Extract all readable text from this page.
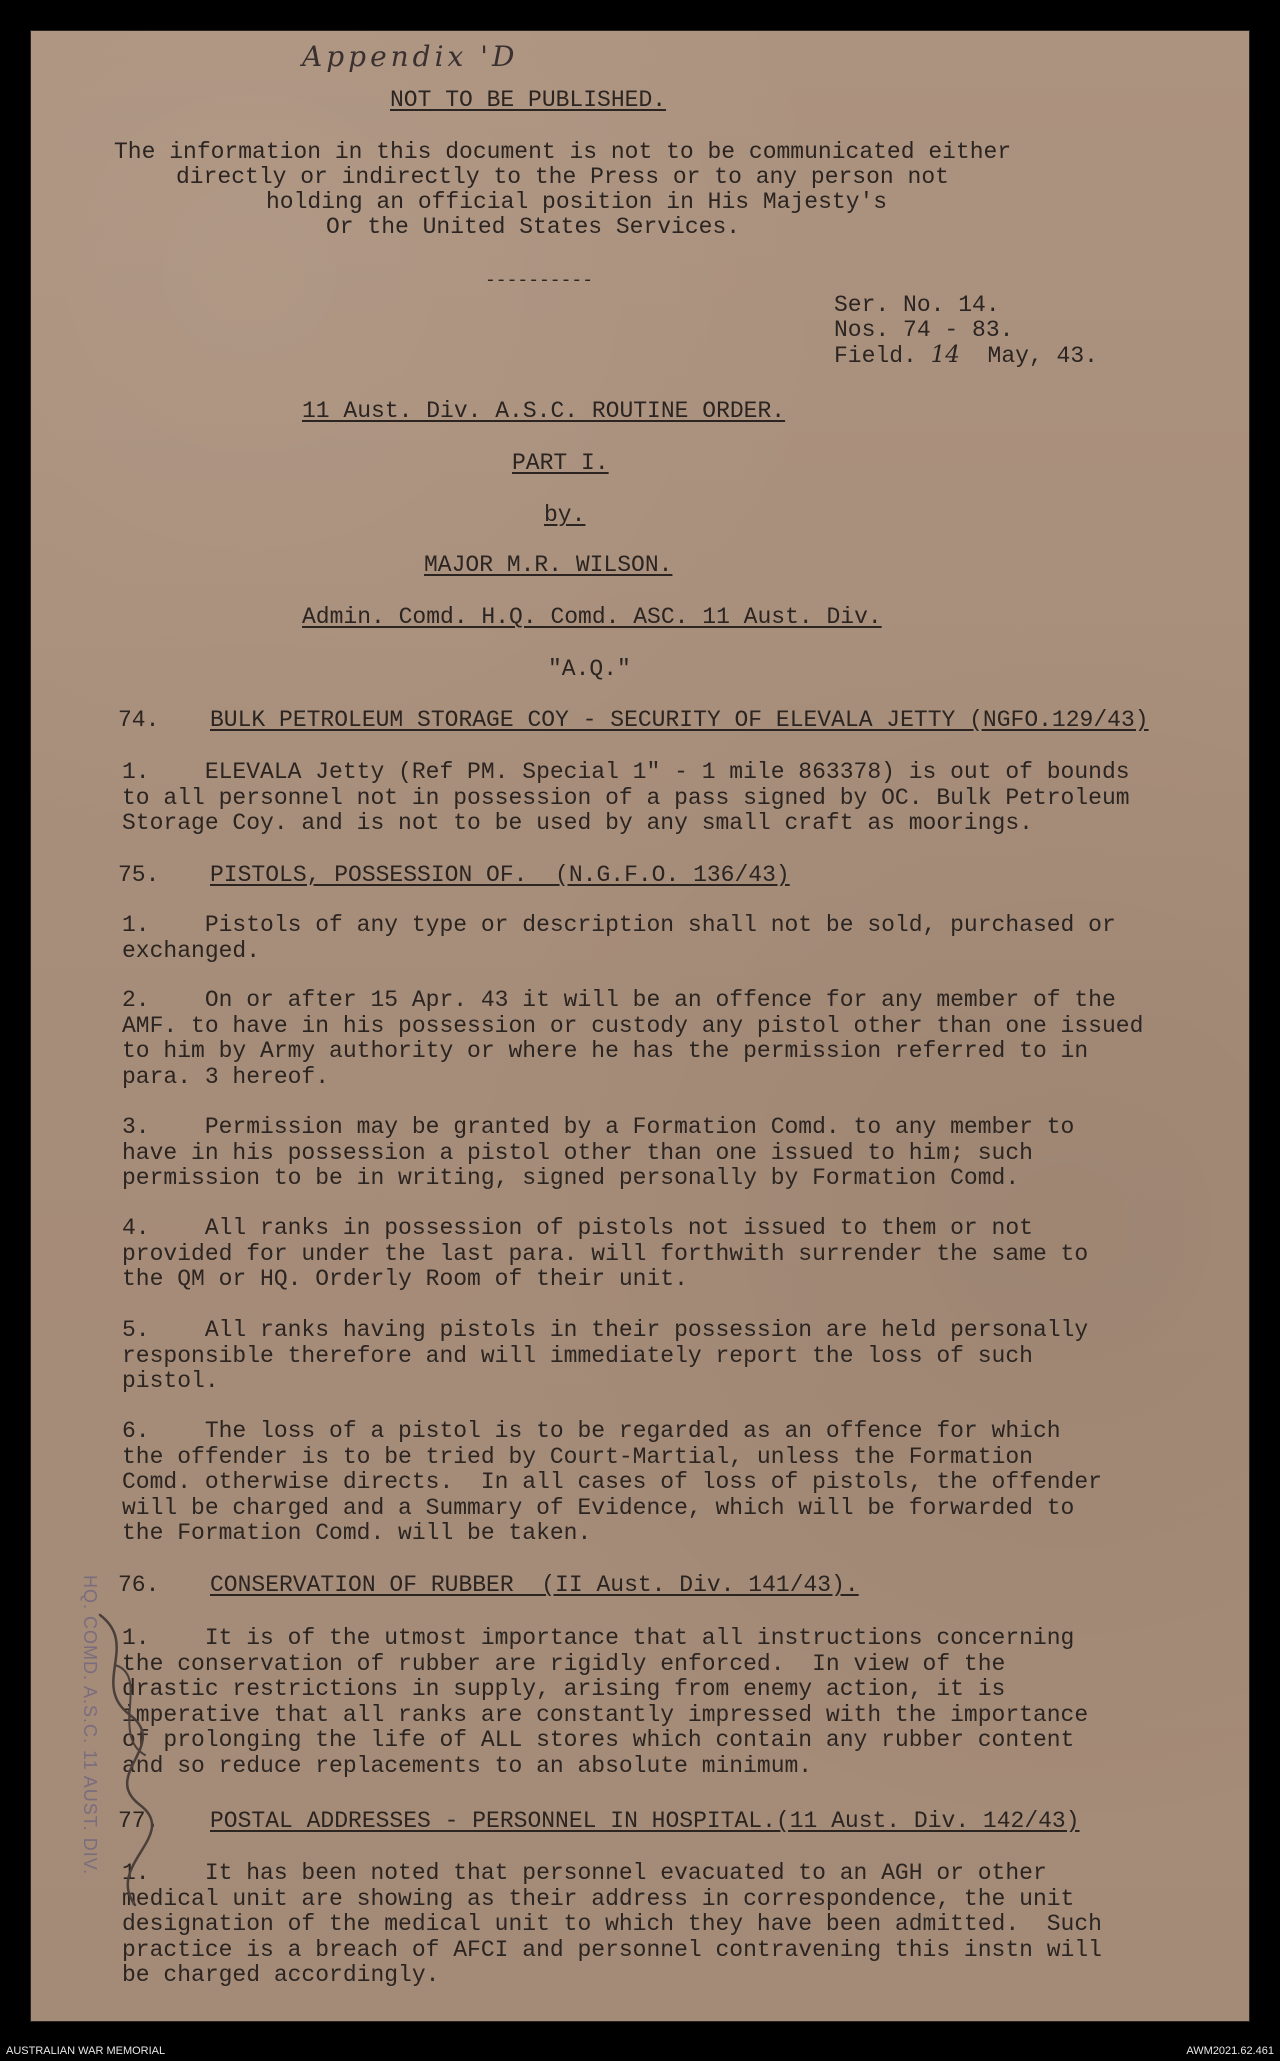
Appendix 'D
NOT TO BE PUBLISHED.
The information in this document is not to be communicated either
directly or indirectly to the Press or to any person not
holding an official position in His Majesty's
Or the United States Services.
----------
Ser. No. 14.
Nos. 74 - 83.
Field. 14 May, 43.
11 Aust. Div. A.S.C. ROUTINE ORDER.
PART I.
by.
MAJOR M.R. WILSON.
Admin. Comd. H.Q. Comd. ASC. 11 Aust. Div.
"A.Q."
74. BULK PETROLEUM STORAGE COY - SECURITY OF ELEVALA JETTY (NGFO.129/43)
1.    ELEVALA Jetty (Ref PM. Special 1" - 1 mile 863378) is out of bounds
to all personnel not in possession of a pass signed by OC. Bulk Petroleum
Storage Coy. and is not to be used by any small craft as moorings.
75. PISTOLS, POSSESSION OF.  (N.G.F.O. 136/43)
1.    Pistols of any type or description shall not be sold, purchased or
exchanged.
2.    On or after 15 Apr. 43 it will be an offence for any member of the
AMF. to have in his possession or custody any pistol other than one issued
to him by Army authority or where he has the permission referred to in
para. 3 hereof.
3.    Permission may be granted by a Formation Comd. to any member to
have in his possession a pistol other than one issued to him; such
permission to be in writing, signed personally by Formation Comd.
4.    All ranks in possession of pistols not issued to them or not
provided for under the last para. will forthwith surrender the same to
the QM or HQ. Orderly Room of their unit.
5.    All ranks having pistols in their possession are held personally
responsible therefore and will immediately report the loss of such
pistol.
6.    The loss of a pistol is to be regarded as an offence for which
the offender is to be tried by Court-Martial, unless the Formation
Comd. otherwise directs.  In all cases of loss of pistols, the offender
will be charged and a Summary of Evidence, which will be forwarded to
the Formation Comd. will be taken.
76. CONSERVATION OF RUBBER  (II Aust. Div. 141/43).
1.    It is of the utmost importance that all instructions concerning
the conservation of rubber are rigidly enforced.  In view of the
drastic restrictions in supply, arising from enemy action, it is
imperative that all ranks are constantly impressed with the importance
of prolonging the life of ALL stores which contain any rubber content
and so reduce replacements to an absolute minimum.
77. POSTAL ADDRESSES - PERSONNEL IN HOSPITAL.(11 Aust. Div. 142/43)
1.    It has been noted that personnel evacuated to an AGH or other
medical unit are showing as their address in correspondence, the unit
designation of the medical unit to which they have been admitted.  Such
practice is a breach of AFCI and personnel contravening this instn will
be charged accordingly.
HQ. COMD. A.S.C. 11 AUST. DIV.
AUSTRALIAN WAR MEMORIAL	AWM2021.62.461
